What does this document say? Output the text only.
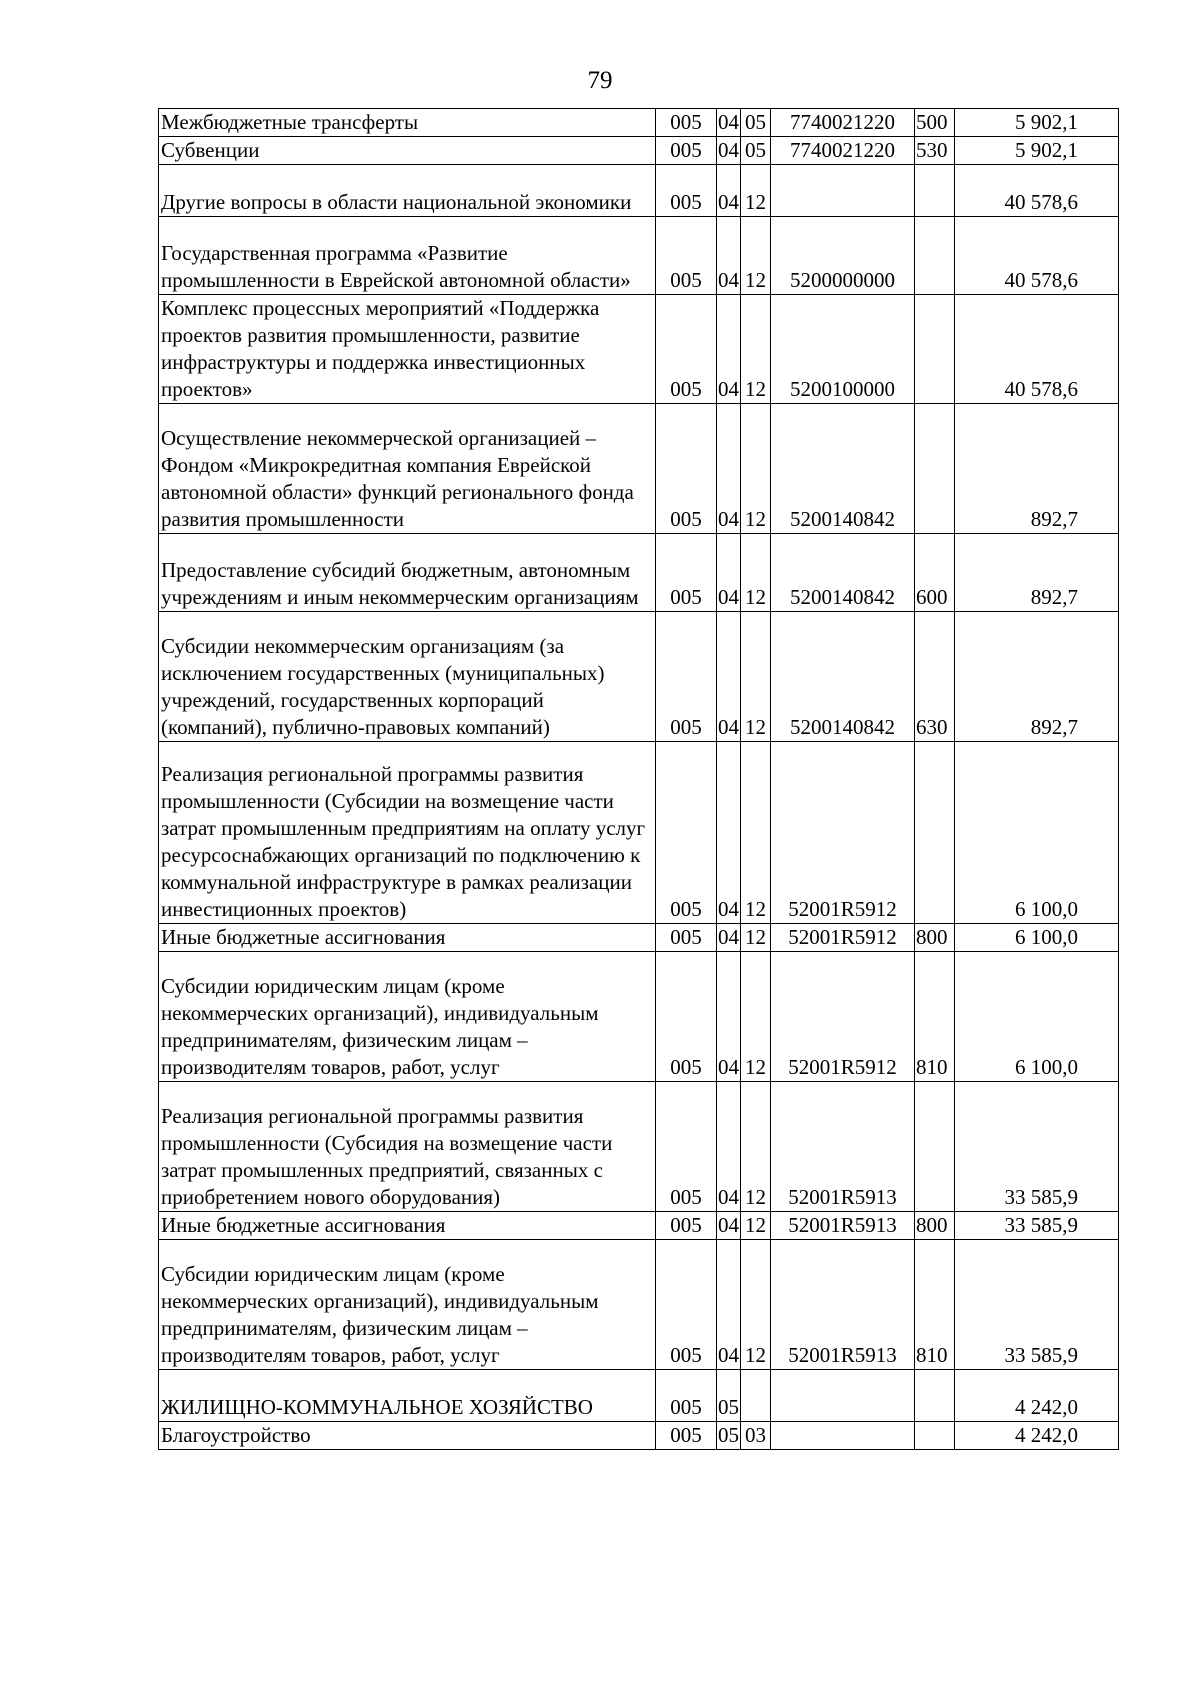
79
Межбюджетные трансферты	005	04	05	7740021220	500	5 902,1
Субвенции	005	04	05	7740021220	530	5 902,1
Другие вопросы в области национальной экономики	005	04	12			40 578,6
Государственная программа «Развитие промышленности в Еврейской автономной области»	005	04	12	5200000000		40 578,6
Комплекс процессных мероприятий «Поддержка проектов развития промышленности, развитие инфраструктуры и поддержка инвестиционных проектов»	005	04	12	5200100000		40 578,6
Осуществление некоммерческой организацией – Фондом «Микрокредитная компания Еврейской автономной области» функций регионального фонда развития промышленности	005	04	12	5200140842		892,7
Предоставление субсидий бюджетным, автономным учреждениям и иным некоммерческим организациям	005	04	12	5200140842	600	892,7
Субсидии некоммерческим организациям (за исключением государственных (муниципальных) учреждений, государственных корпораций (компаний), публично-правовых компаний)	005	04	12	5200140842	630	892,7
Реализация региональной программы развития промышленности (Субсидии на возмещение части затрат промышленным предприятиям на оплату услуг ресурсоснабжающих организаций по подключению к коммунальной инфраструктуре в рамках реализации инвестиционных проектов)	005	04	12	52001R5912		6 100,0
Иные бюджетные ассигнования	005	04	12	52001R5912	800	6 100,0
Субсидии юридическим лицам (кроме некоммерческих организаций), индивидуальным предпринимателям, физическим лицам – производителям товаров, работ, услуг	005	04	12	52001R5912	810	6 100,0
Реализация региональной программы развития промышленности (Субсидия на возмещение части затрат промышленных предприятий, связанных с приобретением нового оборудования)	005	04	12	52001R5913		33 585,9
Иные бюджетные ассигнования	005	04	12	52001R5913	800	33 585,9
Субсидии юридическим лицам (кроме некоммерческих организаций), индивидуальным предпринимателям, физическим лицам – производителям товаров, работ, услуг	005	04	12	52001R5913	810	33 585,9
ЖИЛИЩНО-КОММУНАЛЬНОЕ ХОЗЯЙСТВО	005	05				4 242,0
Благоустройство	005	05	03			4 242,0
